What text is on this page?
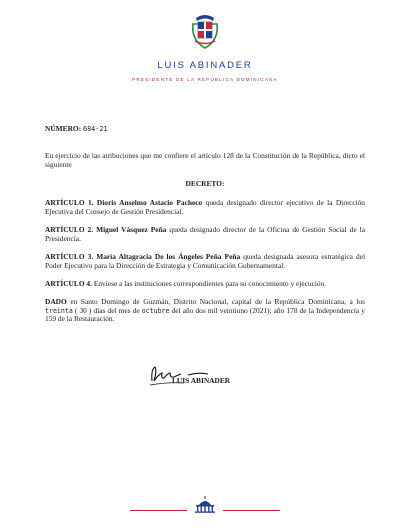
LUIS ABINADER
PRESIDENTE DE LA REPÚBLICA DOMINICANA
NÚMERO: 684-21
En ejercicio de las atribuciones que me confiere el artículo 128 de la Constitución de la República, dicto el siguiente
DECRETO:
ARTÍCULO 1. Dioris Anselmo Astacio Pacheco queda designado director ejecutivo de la Dirección Ejecutiva del Consejo de Gestión Presidencial.
ARTÍCULO 2. Miguel Vásquez Peña queda designado director de la Oficina de Gestión Social de la Presidencia.
ARTÍCULO 3. María Altagracia De los Ángeles Peña Peña queda designada asesora estratégica del Poder Ejecutivo para la Dirección de Estrategia y Comunicación Gubernamental.
ARTÍCULO 4. Envíese a las instituciones correspondientes para su conocimiento y ejecución.
DADO en Santo Domingo de Guzmán, Distrito Nacional, capital de la República Dominicana, a los treinta ( 30 ) días del mes de octubre del año dos mil veintiuno (2021); año 178 de la Independencia y 159 de la Restauración.
LUIS ABINADER
